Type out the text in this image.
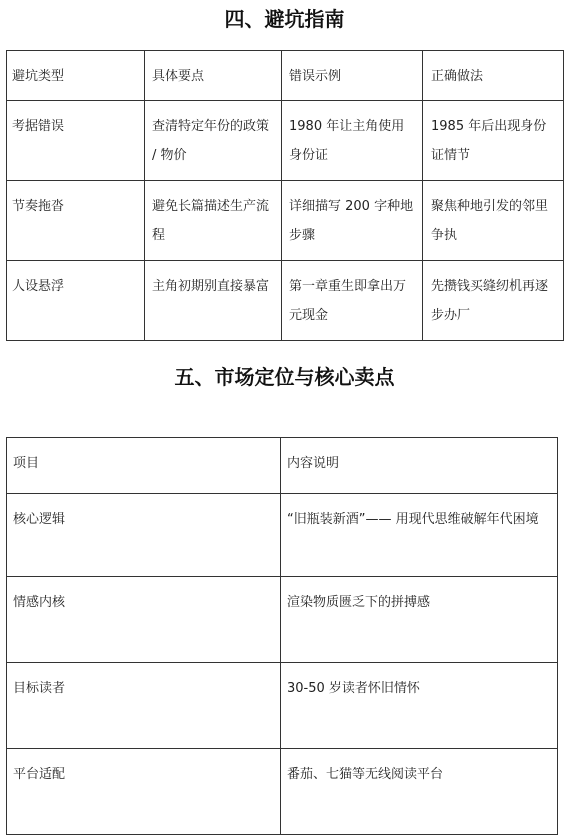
四、避坑指南
避坑类型	具体要点	错误示例	正确做法
考据错误	查清特定年份的政策 / 物价	1980 年让主角使用身份证	1985 年后出现身份证情节
节奏拖沓	避免长篇描述生产流程	详细描写 200 字种地步骤	聚焦种地引发的邻里争执
人设悬浮	主角初期别直接暴富	第一章重生即拿出万元现金	先攒钱买缝纫机再逐步办厂
五、市场定位与核心卖点
项目	内容说明
核心逻辑	“旧瓶装新酒”—— 用现代思维破解年代困境
情感内核	渲染物质匮乏下的拼搏感
目标读者	30-50 岁读者怀旧情怀
平台适配	番茄、七猫等无线阅读平台
